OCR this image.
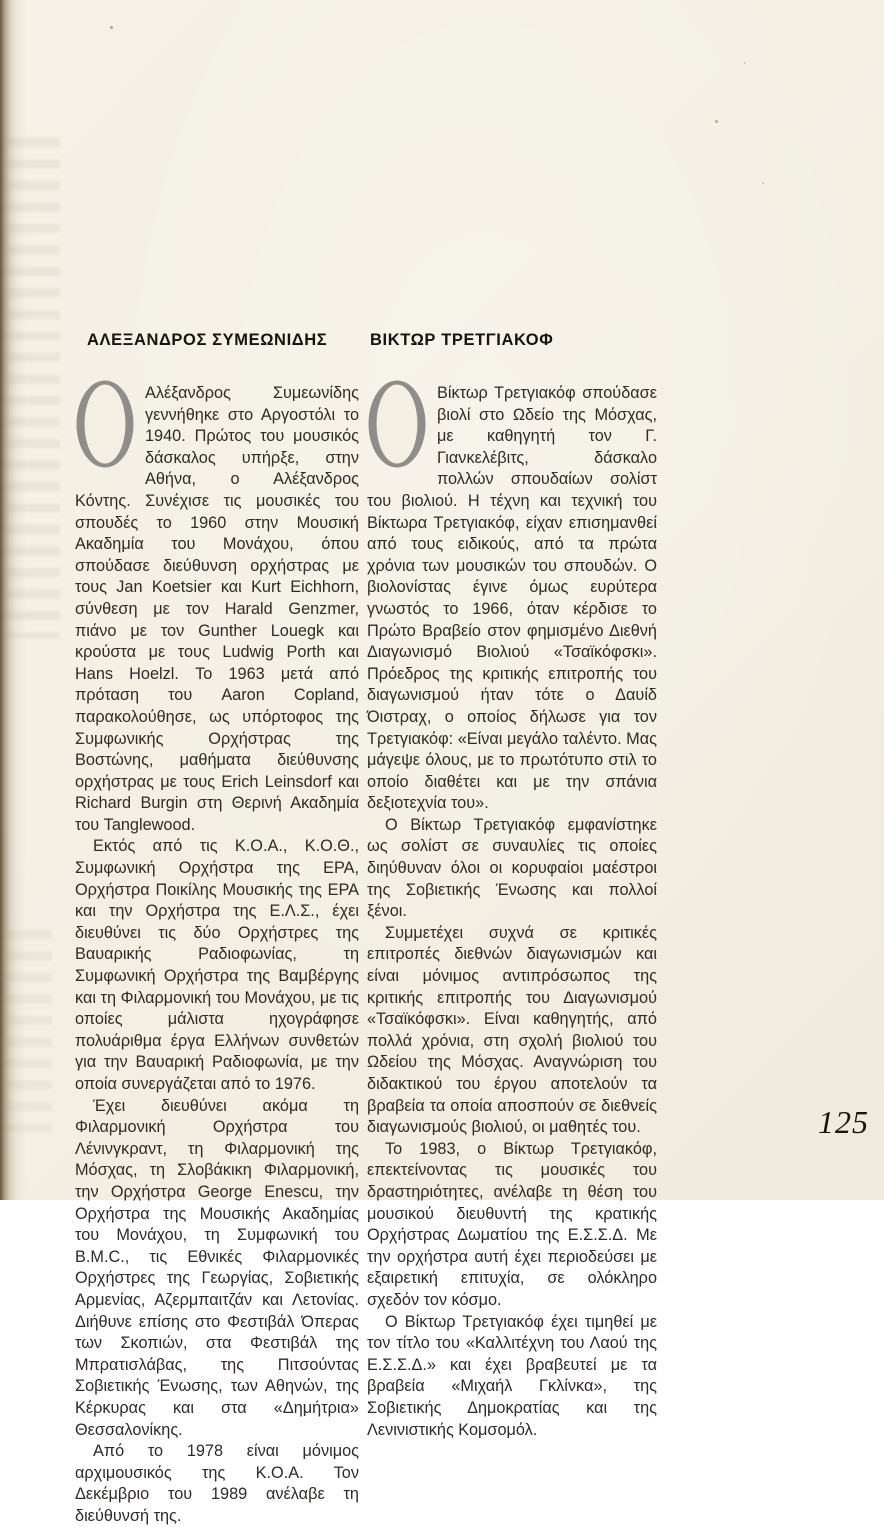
ΑΛΕΞΑΝΔΡΟΣ ΣΥΜΕΩΝΙΔΗΣ

Αλέξανδρος Συμεωνίδης γεννήθηκε στο Αργοστόλι το 1940. Πρώτος του μουσικός δάσκαλος υπήρξε, στην Αθήνα, ο Αλέξανδρος Κόντης. Συνέχισε τις μουσικές του σπουδές το 1960 στην Μουσική Ακαδημία του Μονάχου, όπου σπούδασε διεύθυνση ορχήστρας με τους Jan Koetsier και Kurt Eichhorn, σύνθεση με τον Harald Genzmer, πιάνο με τον Gunther Louegk και κρούστα με τους Ludwig Porth και Hans Hoelzl. Το 1963 μετά από πρόταση του Aaron Copland, παρακολούθησε, ως υπόρτοφος της Συμφωνικής Ορχήστρας της Βοστώνης, μαθήματα διεύθυνσης ορχήστρας με τους Erich Leinsdorf και Richard Burgin στη Θερινή Ακαδημία του Tanglewood.

Εκτός από τις Κ.Ο.Α., Κ.Ο.Θ., Συμφωνική Ορχήστρα της ΕΡΑ, Ορχήστρα Ποικίλης Μουσικής της ΕΡΑ και την Ορχήστρα της Ε.Λ.Σ., έχει διευθύνει τις δύο Ορχήστρες της Βαυαρικής Ραδιοφωνίας, τη Συμφωνική Ορχήστρα της Βαμβέργης και τη Φιλαρμονική του Μονάχου, με τις οποίες μάλιστα ηχογράφησε πολυάριθμα έργα Ελλήνων συνθετών για την Βαυαρική Ραδιοφωνία, με την οποία συνεργάζεται από το 1976.

Έχει διευθύνει ακόμα τη Φιλαρμονική Ορχήστρα του Λένινγκραντ, τη Φιλαρμονική της Μόσχας, τη Σλοβάκικη Φιλαρμονική, την Ορχήστρα George Enescu, την Ορχήστρα της Μουσικής Ακαδημίας του Μονάχου, τη Συμφωνική του B.M.C., τις Εθνικές Φιλαρμονικές Ορχήστρες της Γεωργίας, Σοβιετικής Αρμενίας, Αζερμπαιτζάν και Λετονίας. Διήθυνε επίσης στο Φεστιβάλ Όπερας των Σκοπιών, στα Φεστιβάλ της Μπρατισλάβας, της Πιτσούντας Σοβιετικής Ένωσης, των Αθηνών, της Κέρκυρας και στα «Δημήτρια» Θεσσαλονίκης.

Από το 1978 είναι μόνιμος αρχιμουσικός της Κ.Ο.Α. Τον Δεκέμβριο του 1989 ανέλαβε τη διεύθυνσή της.

ΒΙΚΤΩΡ ΤΡΕΤΓΙΑΚΟΦ

Βίκτωρ Τρετγιακόφ σπούδασε βιολί στο Ωδείο της Μόσχας, με καθηγητή τον Γ. Γιανκελέβιτς, δάσκαλο πολλών σπουδαίων σολίστ του βιολιού. Η τέχνη και τεχνική του Βίκτωρα Τρετγιακόφ, είχαν επισημανθεί από τους ειδικούς, από τα πρώτα χρόνια των μουσικών του σπουδών. Ο βιολονίστας έγινε όμως ευρύτερα γνωστός το 1966, όταν κέρδισε το Πρώτο Βραβείο στον φημισμένο Διεθνή Διαγωνισμό Βιολιού «Τσαϊκόφσκι». Πρόεδρος της κριτικής επιτροπής του διαγωνισμού ήταν τότε ο Δαυίδ Όιστραχ, ο οποίος δήλωσε για τον Τρετγιακόφ: «Είναι μεγάλο ταλέντο. Μας μάγεψε όλους, με το πρωτότυπο στιλ το οποίο διαθέτει και με την σπάνια δεξιοτεχνία του».

Ο Βίκτωρ Τρετγιακόφ εμφανίστηκε ως σολίστ σε συναυλίες τις οποίες διηύθυναν όλοι οι κορυφαίοι μαέστροι της Σοβιετικής Ένωσης και πολλοί ξένοι.

Συμμετέχει συχνά σε κριτικές επιτροπές διεθνών διαγωνισμών και είναι μόνιμος αντιπρόσωπος της κριτικής επιτροπής του Διαγωνισμού «Τσαϊκόφσκι». Είναι καθηγητής, από πολλά χρόνια, στη σχολή βιολιού του Ωδείου της Μόσχας. Αναγνώριση του διδακτικού του έργου αποτελούν τα βραβεία τα οποία αποσπούν σε διεθνείς διαγωνισμούς βιολιού, οι μαθητές του.

Το 1983, ο Βίκτωρ Τρετγιακόφ, επεκτείνοντας τις μουσικές του δραστηριότητες, ανέλαβε τη θέση του μουσικού διευθυντή της κρατικής Ορχήστρας Δωματίου της Ε.Σ.Σ.Δ. Με την ορχήστρα αυτή έχει περιοδεύσει με εξαιρετική επιτυχία, σε ολόκληρο σχεδόν τον κόσμο.

Ο Βίκτωρ Τρετγιακόφ έχει τιμηθεί με τον τίτλο του «Καλλιτέχνη του Λαού της Ε.Σ.Σ.Δ.» και έχει βραβευτεί με τα βραβεία «Μιχαήλ Γκλίνκα», της Σοβιετικής Δημοκρατίας και της Λενινιστικής Κομσομόλ.

125
